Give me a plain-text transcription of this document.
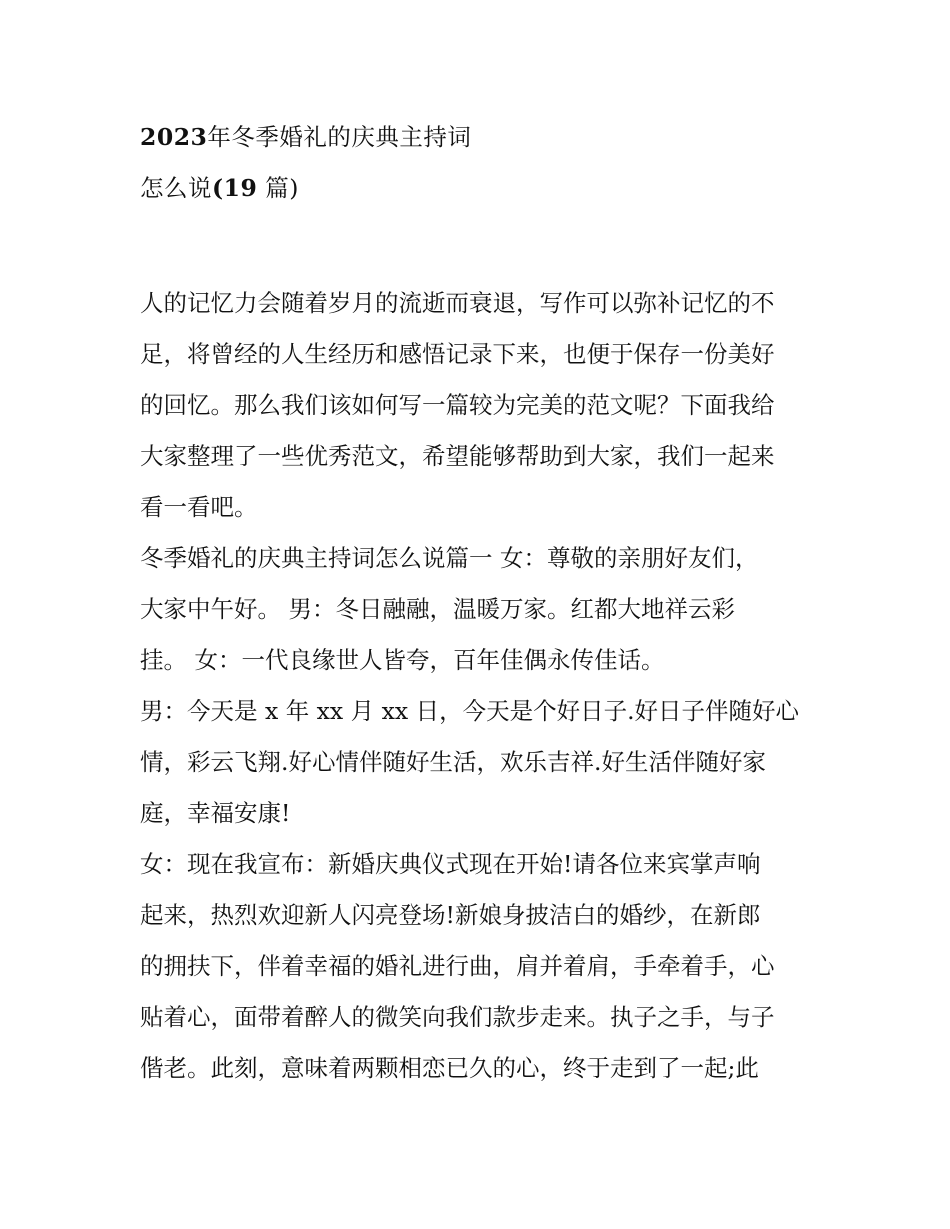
2023年冬季婚礼的庆典主持词
怎么说(19 篇)

人的记忆力会随着岁月的流逝而衰退，写作可以弥补记忆的不
足，将曾经的人生经历和感悟记录下来，也便于保存一份美好
的回忆。那么我们该如何写一篇较为完美的范文呢？下面我给
大家整理了一些优秀范文，希望能够帮助到大家，我们一起来
看一看吧。

冬季婚礼的庆典主持词怎么说篇一 女：尊敬的亲朋好友们，
大家中午好。 男：冬日融融，温暖万家。红都大地祥云彩
挂。 女：一代良缘世人皆夸，百年佳偶永传佳话。

男：今天是 x 年 xx 月 xx 日，今天是个好日子.好日子伴随好心
情，彩云飞翔.好心情伴随好生活，欢乐吉祥.好生活伴随好家
庭，幸福安康!

女：现在我宣布：新婚庆典仪式现在开始!请各位来宾掌声响
起来，热烈欢迎新人闪亮登场!新娘身披洁白的婚纱，在新郎
的拥扶下，伴着幸福的婚礼进行曲，肩并着肩，手牵着手，心
贴着心，面带着醉人的微笑向我们款步走来。执子之手，与子
偕老。此刻，意味着两颗相恋已久的心，终于走到了一起;此
